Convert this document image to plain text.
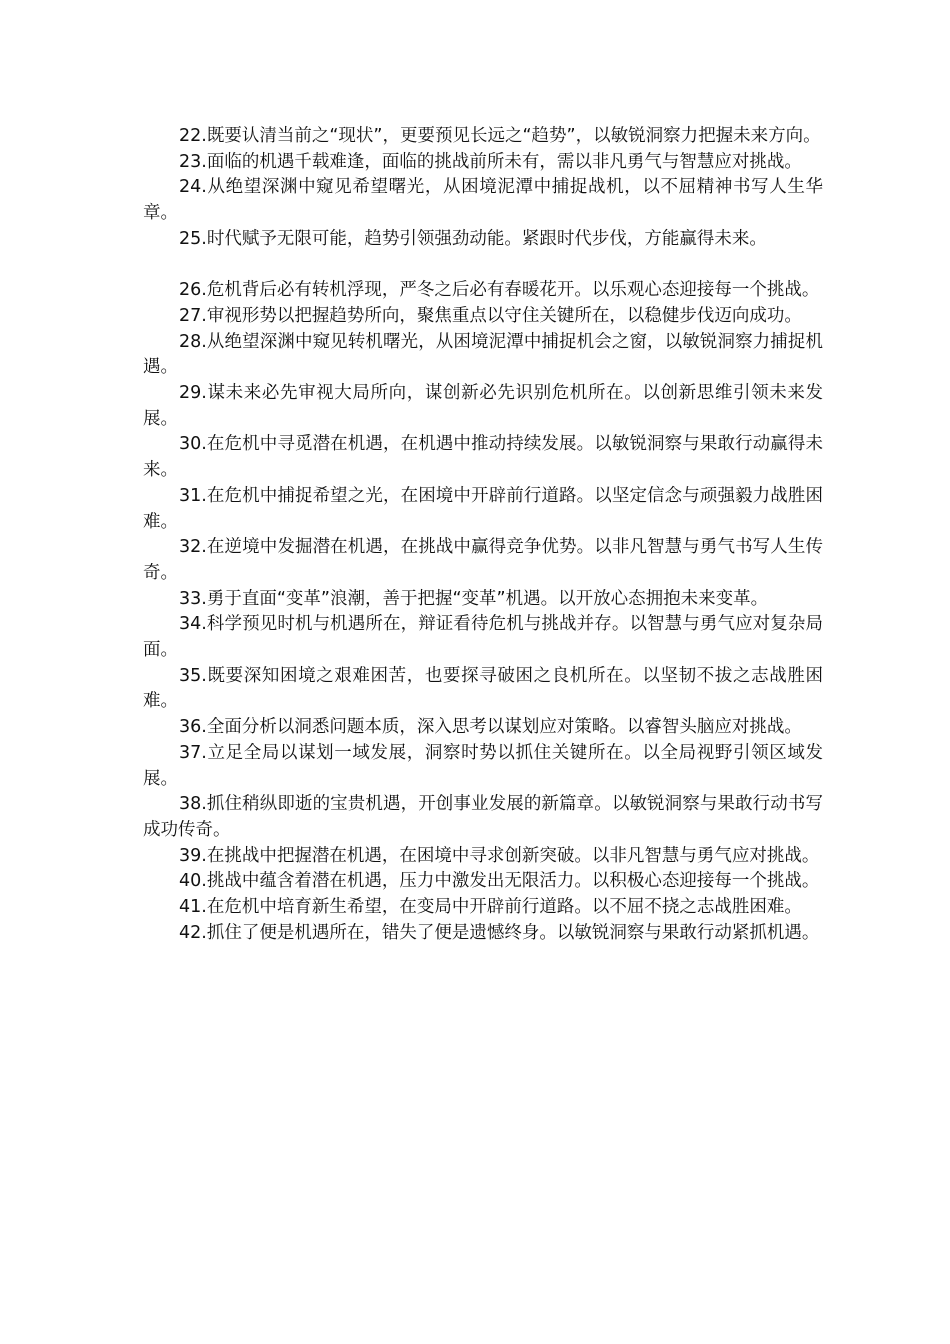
22.既要认清当前之“现状”，更要预见长远之“趋势”，以敏锐洞察力把握未来方向。

23.面临的机遇千载难逢，面临的挑战前所未有，需以非凡勇气与智慧应对挑战。

24.从绝望深渊中窥见希望曙光，从困境泥潭中捕捉战机，以不屈精神书写人生华章。

25.时代赋予无限可能，趋势引领强劲动能。紧跟时代步伐，方能赢得未来。

26.危机背后必有转机浮现，严冬之后必有春暖花开。以乐观心态迎接每一个挑战。

27.审视形势以把握趋势所向，聚焦重点以守住关键所在，以稳健步伐迈向成功。

28.从绝望深渊中窥见转机曙光，从困境泥潭中捕捉机会之窗，以敏锐洞察力捕捉机遇。

29.谋未来必先审视大局所向，谋创新必先识别危机所在。以创新思维引领未来发展。

30.在危机中寻觅潜在机遇，在机遇中推动持续发展。以敏锐洞察与果敢行动赢得未来。

31.在危机中捕捉希望之光，在困境中开辟前行道路。以坚定信念与顽强毅力战胜困难。

32.在逆境中发掘潜在机遇，在挑战中赢得竞争优势。以非凡智慧与勇气书写人生传奇。

33.勇于直面“变革”浪潮，善于把握“变革”机遇。以开放心态拥抱未来变革。

34.科学预见时机与机遇所在，辩证看待危机与挑战并存。以智慧与勇气应对复杂局面。

35.既要深知困境之艰难困苦，也要探寻破困之良机所在。以坚韧不拔之志战胜困难。

36.全面分析以洞悉问题本质，深入思考以谋划应对策略。以睿智头脑应对挑战。

37.立足全局以谋划一域发展，洞察时势以抓住关键所在。以全局视野引领区域发展。

38.抓住稍纵即逝的宝贵机遇，开创事业发展的新篇章。以敏锐洞察与果敢行动书写成功传奇。

39.在挑战中把握潜在机遇，在困境中寻求创新突破。以非凡智慧与勇气应对挑战。

40.挑战中蕴含着潜在机遇，压力中激发出无限活力。以积极心态迎接每一个挑战。

41.在危机中培育新生希望，在变局中开辟前行道路。以不屈不挠之志战胜困难。

42.抓住了便是机遇所在，错失了便是遗憾终身。以敏锐洞察与果敢行动紧抓机遇。
